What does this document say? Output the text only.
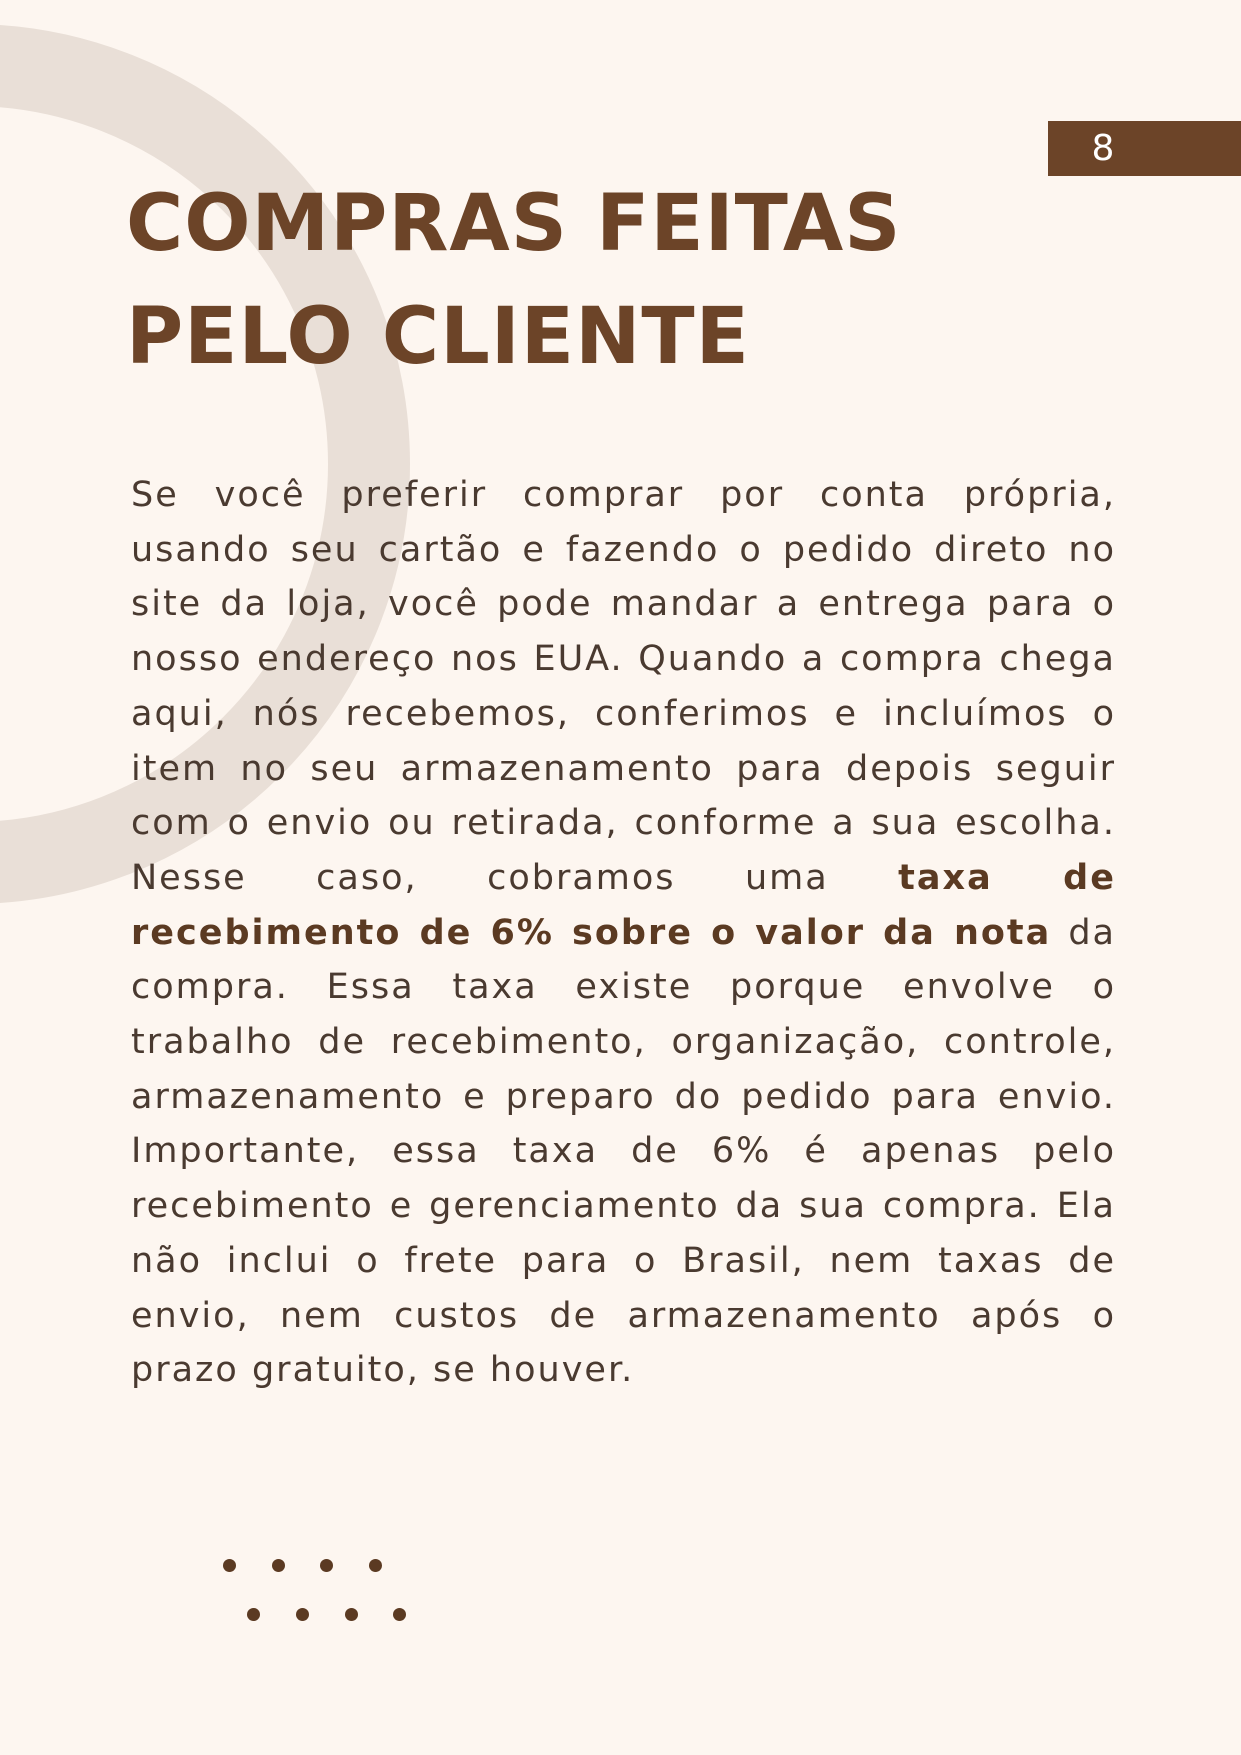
8
COMPRAS FEITAS
PELO CLIENTE

Se você preferir comprar por conta própria, usando seu cartão e fazendo o pedido direto no site da loja, você pode mandar a entrega para o nosso endereço nos EUA. Quando a compra chega aqui, nós recebemos, conferimos e incluímos o item no seu armazenamento para depois seguir com o envio ou retirada, conforme a sua escolha. Nesse caso, cobramos uma taxa de recebimento de 6% sobre o valor da nota da compra. Essa taxa existe porque envolve o trabalho de recebimento, organização, controle, armazenamento e preparo do pedido para envio. Importante, essa taxa de 6% é apenas pelo recebimento e gerenciamento da sua compra. Ela não inclui o frete para o Brasil, nem taxas de envio, nem custos de armazenamento após o prazo gratuito, se houver.
